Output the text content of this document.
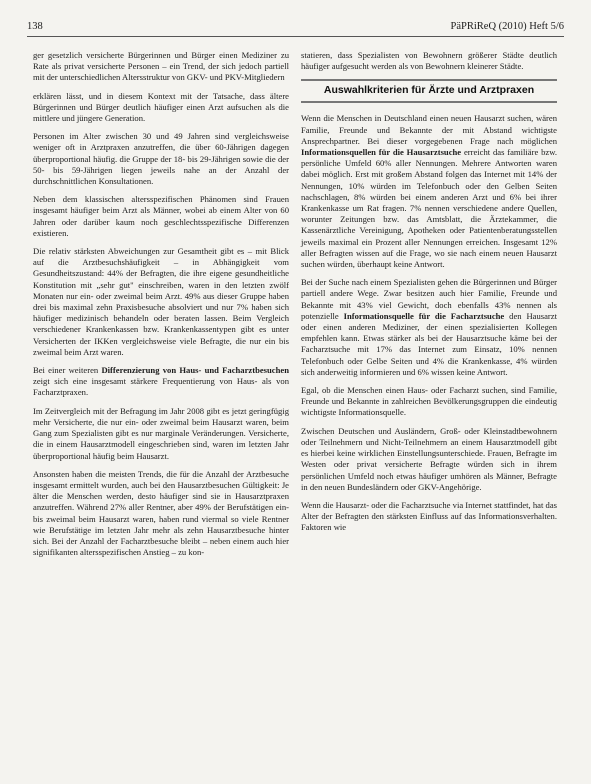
138	PäPRiReQ (2010) Heft 5/6

ger gesetzlich versicherte Bürgerinnen und Bürger einen Mediziner zu Rate als privat versicherte Personen – ein Trend, der sich jedoch partiell mit der unterschiedlichen Altersstruktur von GKV- und PKV-Mitgliedern

erklären lässt, und in diesem Kontext mit der Tatsache, dass ältere Bürgerinnen und Bürger deutlich häufiger einen Arzt aufsuchen als die mittlere und jüngere Generation.

Personen im Alter zwischen 30 und 49 Jahren sind vergleichsweise weniger oft in Arztpraxen anzutreffen, die über 60-Jährigen dagegen überproportional häufig. die Gruppe der 18- bis 29-Jährigen sowie die der 50- bis 59-Jährigen liegen jeweils nahe an der Anzahl der durchschnittlichen Konsultationen.

Neben dem klassischen altersspezifischen Phänomen sind Frauen insgesamt häufiger beim Arzt als Männer, wobei ab einem Alter von 60 Jahren oder darüber kaum noch geschlechtsspezifische Differenzen existieren.

Die relativ stärksten Abweichungen zur Gesamtheit gibt es – mit Blick auf die Arztbesuchshäufigkeit – in Abhängigkeit vom Gesundheitszustand: 44% der Befragten, die ihre eigene gesundheitliche Konstitution mit „sehr gut" einschreiben, waren in den letzten zwölf Monaten nur ein- oder zweimal beim Arzt. 49% aus dieser Gruppe haben drei bis maximal zehn Praxisbesuche absolviert und nur 7% haben sich häufiger medizinisch behandeln oder beraten lassen. Beim Vergleich verschiedener Krankenkassen bzw. Krankenkassentypen gibt es unter Versicherten der IKKen vergleichsweise viele Befragte, die nur ein bis zweimal beim Arzt waren.

Bei einer weiteren Differenzierung von Haus- und Facharztbesuchen zeigt sich eine insgesamt stärkere Frequentierung von Haus- als von Facharztpraxen.

Im Zeitvergleich mit der Befragung im Jahr 2008 gibt es jetzt geringfügig mehr Versicherte, die nur ein- oder zweimal beim Hausarzt waren, beim Gang zum Spezialisten gibt es nur marginale Veränderungen. Versicherte, die in einem Hausarztmodell eingeschrieben sind, waren im letzten Jahr überproportional häufig beim Hausarzt.

Ansonsten haben die meisten Trends, die für die Anzahl der Arztbesuche insgesamt ermittelt wurden, auch bei den Hausarztbesuchen Gültigkeit: Je älter die Menschen werden, desto häufiger sind sie in Hausarztpraxen anzutreffen. Während 27% aller Rentner, aber 49% der Berufstätigen ein- bis zweimal beim Hausarzt waren, haben rund viermal so viele Rentner wie Berufstätige im letzten Jahr mehr als zehn Hausarztbesuche hinter sich. Bei der Anzahl der Facharztbesuche bleibt – neben einem auch hier signifikanten altersspezifischen Anstieg – zu kon-

statieren, dass Spezialisten von Bewohnern größerer Städte deutlich häufiger aufgesucht werden als von Bewohnern kleinerer Städte.

Auswahlkriterien für Ärzte und Arztpraxen

Wenn die Menschen in Deutschland einen neuen Hausarzt suchen, wären Familie, Freunde und Bekannte der mit Abstand wichtigste Ansprechpartner. Bei dieser vorgegebenen Frage nach möglichen Informationsquellen für die Hausarztsuche erreicht das familiäre bzw. persönliche Umfeld 60% aller Nennungen. Mehrere Antworten waren dabei möglich. Erst mit großem Abstand folgen das Internet mit 14% der Nennungen, 10% würden im Telefonbuch oder den Gelben Seiten nachschlagen, 8% würden bei einem anderen Arzt und 6% bei ihrer Krankenkasse um Rat fragen. 7% nennen verschiedene andere Quellen, worunter Zeitungen bzw. das Amtsblatt, die Ärztekammer, die Kassenärztliche Vereinigung, Apotheken oder Patientenberatungsstellen jeweils maximal ein Prozent aller Nennungen erreichen. Insgesamt 12% aller Befragten wissen auf die Frage, wo sie nach einem neuen Hausarzt suchen würden, überhaupt keine Antwort.

Bei der Suche nach einem Spezialisten gehen die Bürgerinnen und Bürger partiell andere Wege. Zwar besitzen auch hier Familie, Freunde und Bekannte mit 43% viel Gewicht, doch ebenfalls 43% nennen als potenzielle Informationsquelle für die Facharztsuche den Hausarzt oder einen anderen Mediziner, der einen spezialisierten Kollegen empfehlen kann. Etwas stärker als bei der Hausarztsuche käme bei der Facharztsuche mit 17% das Internet zum Einsatz, 10% nennen Telefonbuch oder Gelbe Seiten und 4% die Krankenkasse, 4% würden sich anderweitig informieren und 6% wissen keine Antwort.

Egal, ob die Menschen einen Haus- oder Facharzt suchen, sind Familie, Freunde und Bekannte in zahlreichen Bevölkerungsgruppen die eindeutig wichtigste Informationsquelle.

Zwischen Deutschen und Ausländern, Groß- oder Kleinstadtbewohnern oder Teilnehmern und Nicht-Teilnehmern an einem Hausarztmodell gibt es hierbei keine wirklichen Einstellungsunterschiede. Frauen, Befragte im Westen oder privat versicherte Befragte würden sich in ihrem persönlichen Umfeld noch etwas häufiger umhören als Männer, Befragte in den neuen Bundesländern oder GKV-Angehörige.

Wenn die Hausarzt- oder die Facharztsuche via Internet stattfindet, hat das Alter der Befragten den stärksten Einfluss auf das Informationsverhalten. Faktoren wie
